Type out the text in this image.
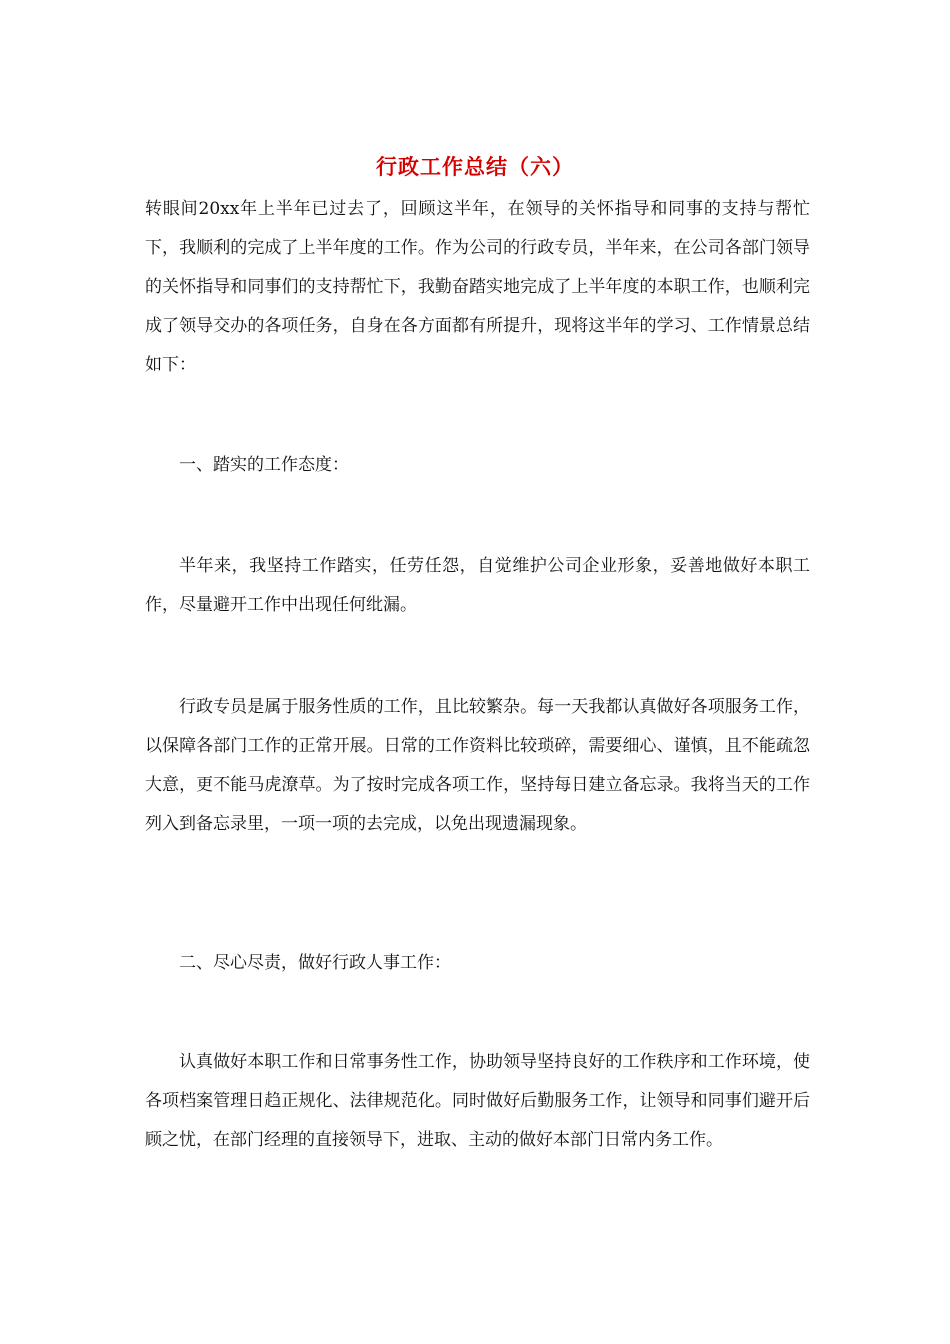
行政工作总结（六）

转眼间20xx年上半年已过去了，回顾这半年，在领导的关怀指导和同事的支持与帮忙下，我顺利的完成了上半年度的工作。作为公司的行政专员，半年来，在公司各部门领导的关怀指导和同事们的支持帮忙下，我勤奋踏实地完成了上半年度的本职工作，也顺利完成了领导交办的各项任务，自身在各方面都有所提升，现将这半年的学习、工作情景总结如下：

一、踏实的工作态度：

半年来，我坚持工作踏实，任劳任怨，自觉维护公司企业形象，妥善地做好本职工作，尽量避开工作中出现任何纰漏。

行政专员是属于服务性质的工作，且比较繁杂。每一天我都认真做好各项服务工作，以保障各部门工作的正常开展。日常的工作资料比较琐碎，需要细心、谨慎，且不能疏忽大意，更不能马虎潦草。为了按时完成各项工作，坚持每日建立备忘录。我将当天的工作列入到备忘录里，一项一项的去完成，以免出现遗漏现象。

二、尽心尽责，做好行政人事工作：

认真做好本职工作和日常事务性工作，协助领导坚持良好的工作秩序和工作环境，使各项档案管理日趋正规化、法律规范化。同时做好后勤服务工作，让领导和同事们避开后顾之忧，在部门经理的直接领导下，进取、主动的做好本部门日常内务工作。
